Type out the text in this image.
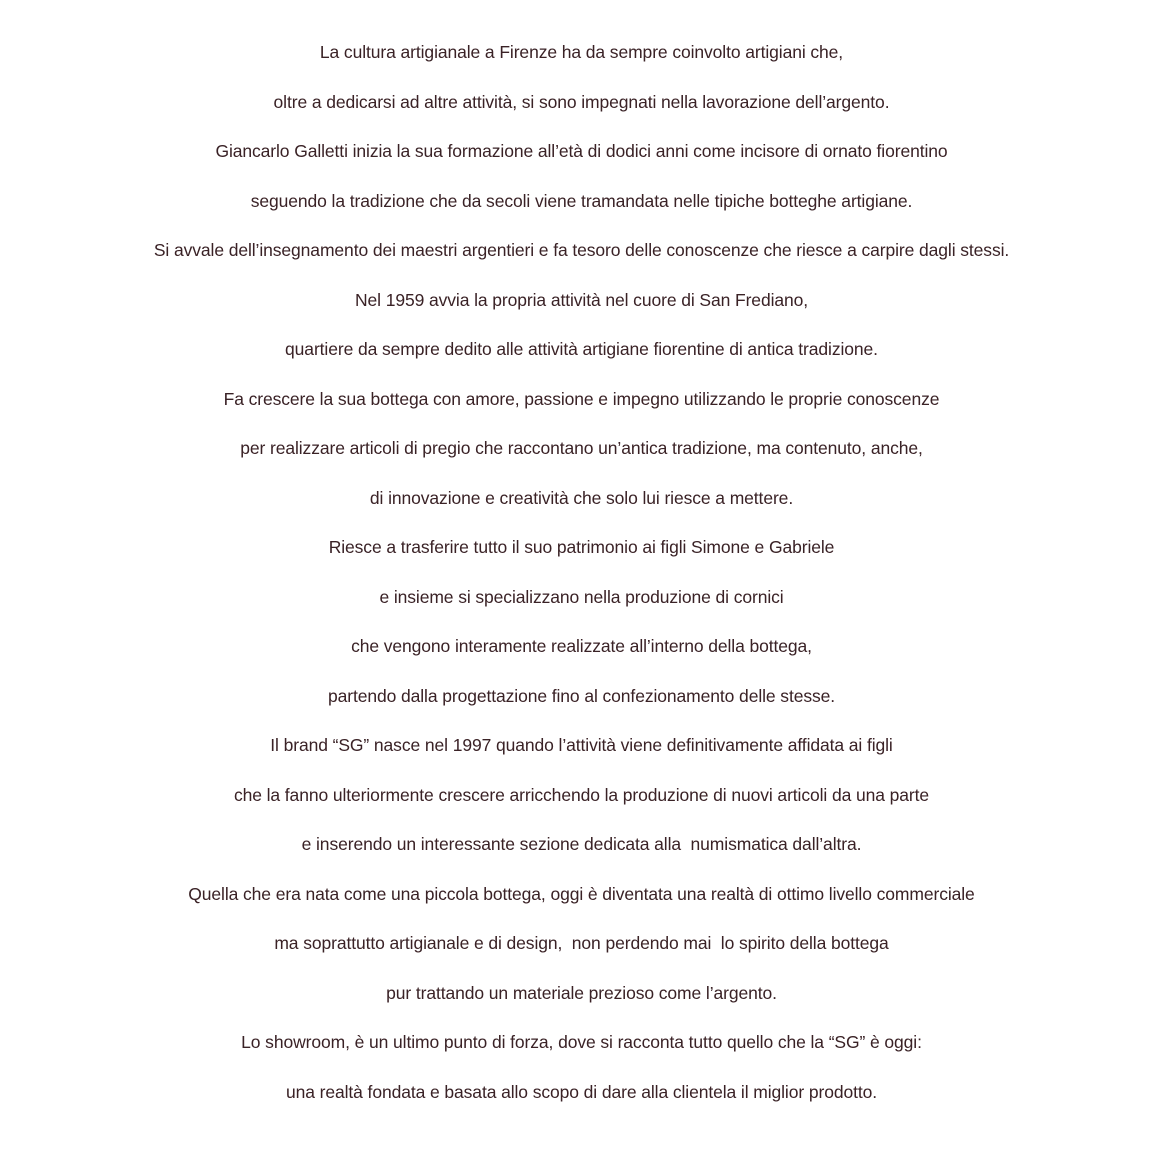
La cultura artigianale a Firenze ha da sempre coinvolto artigiani che,
oltre a dedicarsi ad altre attività, si sono impegnati nella lavorazione dell’argento.
Giancarlo Galletti inizia la sua formazione all’età di dodici anni come incisore di ornato fiorentino
seguendo la tradizione che da secoli viene tramandata nelle tipiche botteghe artigiane.
Si avvale dell’insegnamento dei maestri argentieri e fa tesoro delle conoscenze che riesce a carpire dagli stessi.
Nel 1959 avvia la propria attività nel cuore di San Frediano,
quartiere da sempre dedito alle attività artigiane fiorentine di antica tradizione.
Fa crescere la sua bottega con amore, passione e impegno utilizzando le proprie conoscenze
per realizzare articoli di pregio che raccontano un’antica tradizione, ma contenuto, anche,
di innovazione e creatività che solo lui riesce a mettere.
Riesce a trasferire tutto il suo patrimonio ai figli Simone e Gabriele
e insieme si specializzano nella produzione di cornici
che vengono interamente realizzate all’interno della bottega,
partendo dalla progettazione fino al confezionamento delle stesse.
Il brand “SG” nasce nel 1997 quando l’attività viene definitivamente affidata ai figli
che la fanno ulteriormente crescere arricchendo la produzione di nuovi articoli da una parte
e inserendo un interessante sezione dedicata alla  numismatica dall’altra.
Quella che era nata come una piccola bottega, oggi è diventata una realtà di ottimo livello commerciale
ma soprattutto artigianale e di design,  non perdendo mai  lo spirito della bottega
pur trattando un materiale prezioso come l’argento.
Lo showroom, è un ultimo punto di forza, dove si racconta tutto quello che la “SG” è oggi:
una realtà fondata e basata allo scopo di dare alla clientela il miglior prodotto.
